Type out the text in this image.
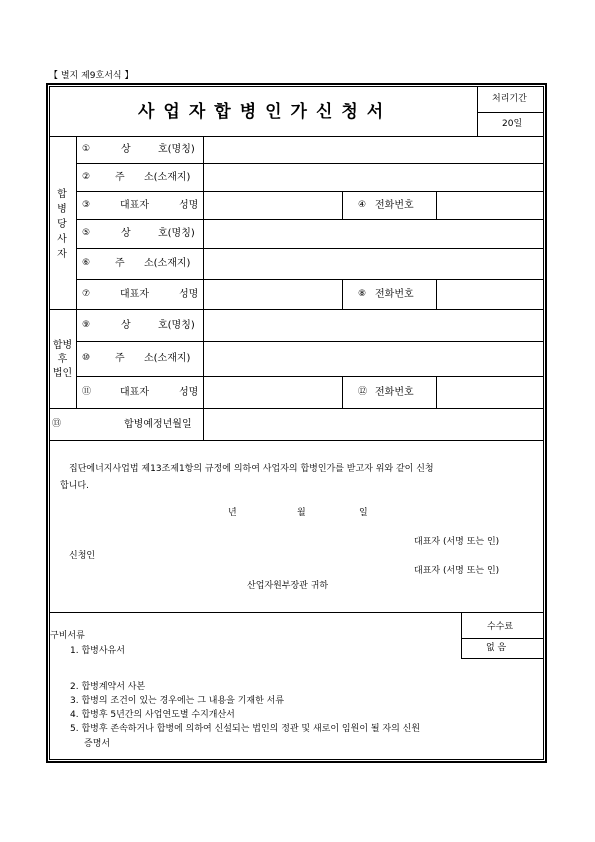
【 별지 제9호서식 】
사업자합병인가신청서
처리기간
20일
합
병
당
사
자
합병
후
법인
①	상	호(명칭)
② 주 소(소재지)
③	대표자	성명	④ 전화번호
⑤	상	호(명칭)
⑥ 주 소(소재지)
⑦	대표자	성명	⑧ 전화번호
⑨	상	호(명칭)
⑩ 주 소(소재지)
⑪	대표자	성명	⑫ 전화번호
⑬	합병예정년월일
집단에너지사업법 제13조제1항의 규정에 의하여 사업자의 합병인가를 받고자 위와 같이 신청
합니다.
년	월	일
대표자 (서명 또는 인)
신청인
대표자 (서명 또는 인)
산업자원부장관 귀하
수수료
없 음
구비서류
1. 합병사유서
2. 합병계약서 사본
3. 합병의 조건이 있는 경우에는 그 내용을 기재한 서류
4. 합병후 5년간의 사업연도별 수지개산서
5. 합병후 존속하거나 합병에 의하여 신설되는 법인의 정관 및 새로이 임원이 될 자의 신원
증명서
